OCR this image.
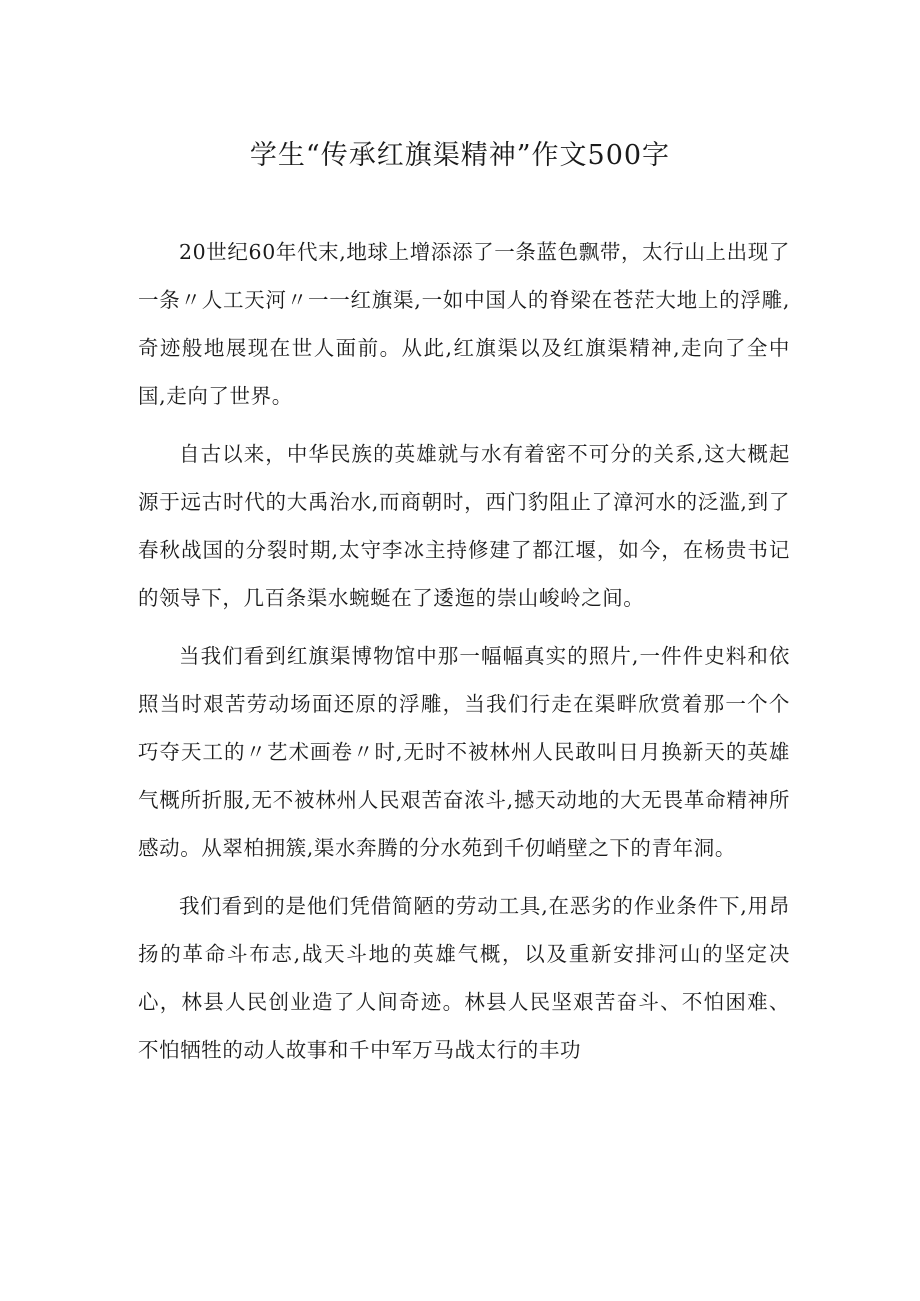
学生“传承红旗渠精神”作文500字

20世纪60年代末,地球上增添添了一条蓝色飘带，太行山上出现了一条〃人工天河〃一一红旗渠,一如中国人的脊梁在苍茫大地上的浮雕,奇迹般地展现在世人面前。从此,红旗渠以及红旗渠精神,走向了全中国,走向了世界。

自古以来，中华民族的英雄就与水有着密不可分的关系,这大概起源于远古时代的大禹治水,而商朝时，西门豹阻止了漳河水的泛滥,到了春秋战国的分裂时期,太守李冰主持修建了都江堰，如今，在杨贵书记的领导下，几百条渠水蜿蜒在了逶迤的崇山峻岭之间。

当我们看到红旗渠博物馆中那一幅幅真实的照片,一件件史料和依照当时艰苦劳动场面还原的浮雕，当我们行走在渠畔欣赏着那一个个巧夺天工的〃艺术画卷〃时,无时不被林州人民敢叫日月换新天的英雄气概所折服,无不被林州人民艰苦奋浓斗,撼天动地的大无畏革命精神所感动。从翠柏拥簇,渠水奔腾的分水苑到千仞峭壁之下的青年洞。

我们看到的是他们凭借简陋的劳动工具,在恶劣的作业条件下,用昂扬的革命斗布志,战天斗地的英雄气概，以及重新安排河山的坚定决心，林县人民创业造了人间奇迹。林县人民坚艰苦奋斗、不怕困难、不怕牺牲的动人故事和千中军万马战太行的丰功
